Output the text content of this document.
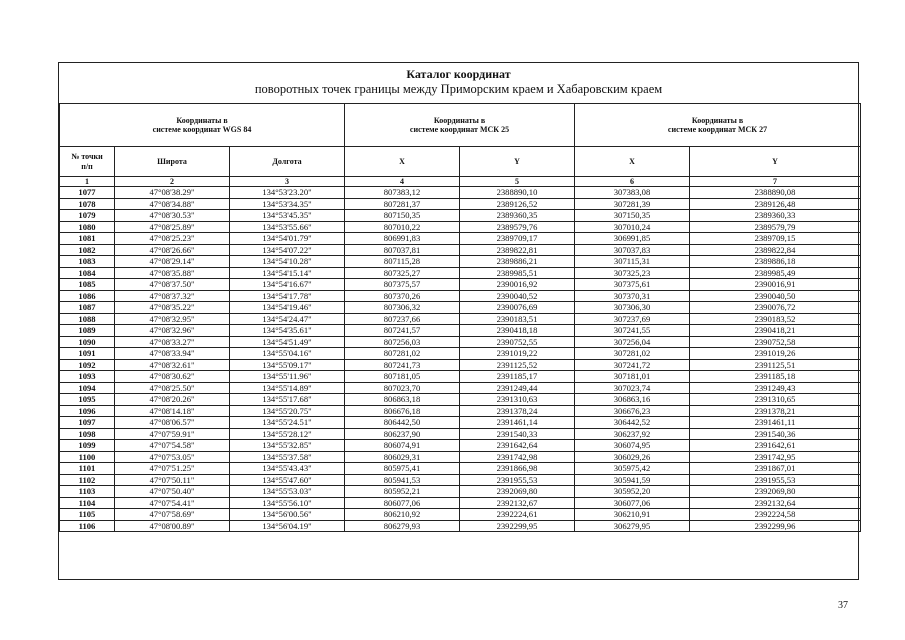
Каталог координат
поворотных точек границы между Приморским краем и Хабаровским краем
Координаты в
системе координат WGS 84			Координаты в
системе координат МСК 25		Координаты в
системе координат МСК 27	
№ точки
п/п	Широта	Долгота	X	Y	X	Y
1	2	3	4	5	6	7
1077	47°08'38.29"	134°53'23.20"	807383,12	2388890,10	307383,08	2388890,08
1078	47°08'34.88"	134°53'34.35"	807281,37	2389126,52	307281,39	2389126,48
1079	47°08'30.53"	134°53'45.35"	807150,35	2389360,35	307150,35	2389360,33
1080	47°08'25.89"	134°53'55.66"	807010,22	2389579,76	307010,24	2389579,79
1081	47°08'25.23"	134°54'01.79"	806991,83	2389709,17	306991,85	2389709,15
1082	47°08'26.66"	134°54'07.22"	807037,81	2389822,81	307037,83	2389822,84
1083	47°08'29.14"	134°54'10.28"	807115,28	2389886,21	307115,31	2389886,18
1084	47°08'35.88"	134°54'15.14"	807325,27	2389985,51	307325,23	2389985,49
1085	47°08'37.50"	134°54'16.67"	807375,57	2390016,92	307375,61	2390016,91
1086	47°08'37.32"	134°54'17.78"	807370,26	2390040,52	307370,31	2390040,50
1087	47°08'35.22"	134°54'19.46"	807306,32	2390076,69	307306,30	2390076,72
1088	47°08'32.95"	134°54'24.47"	807237,66	2390183,51	307237,69	2390183,52
1089	47°08'32.96"	134°54'35.61"	807241,57	2390418,18	307241,55	2390418,21
1090	47°08'33.27"	134°54'51.49"	807256,03	2390752,55	307256,04	2390752,58
1091	47°08'33.94"	134°55'04.16"	807281,02	2391019,22	307281,02	2391019,26
1092	47°08'32.61"	134°55'09.17"	807241,73	2391125,52	307241,72	2391125,51
1093	47°08'30.62"	134°55'11.96"	807181,05	2391185,17	307181,01	2391185,18
1094	47°08'25.50"	134°55'14.89"	807023,70	2391249,44	307023,74	2391249,43
1095	47°08'20.26"	134°55'17.68"	806863,18	2391310,63	306863,16	2391310,65
1096	47°08'14.18"	134°55'20.75"	806676,18	2391378,24	306676,23	2391378,21
1097	47°08'06.57"	134°55'24.51"	806442,50	2391461,14	306442,52	2391461,11
1098	47°07'59.91"	134°55'28.12"	806237,90	2391540,33	306237,92	2391540,36
1099	47°07'54.58"	134°55'32.85"	806074,91	2391642,64	306074,95	2391642,61
1100	47°07'53.05"	134°55'37.58"	806029,31	2391742,98	306029,26	2391742,95
1101	47°07'51.25"	134°55'43.43"	805975,41	2391866,98	305975,42	2391867,01
1102	47°07'50.11"	134°55'47.60"	805941,53	2391955,53	305941,59	2391955,53
1103	47°07'50.40"	134°55'53.03"	805952,21	2392069,80	305952,20	2392069,80
1104	47°07'54.41"	134°55'56.10"	806077,06	2392132,67	306077,06	2392132,64
1105	47°07'58.69"	134°56'00.56"	806210,92	2392224,61	306210,91	2392224,58
1106	47°08'00.89"	134°56'04.19"	806279,93	2392299,95	306279,95	2392299,96
37
